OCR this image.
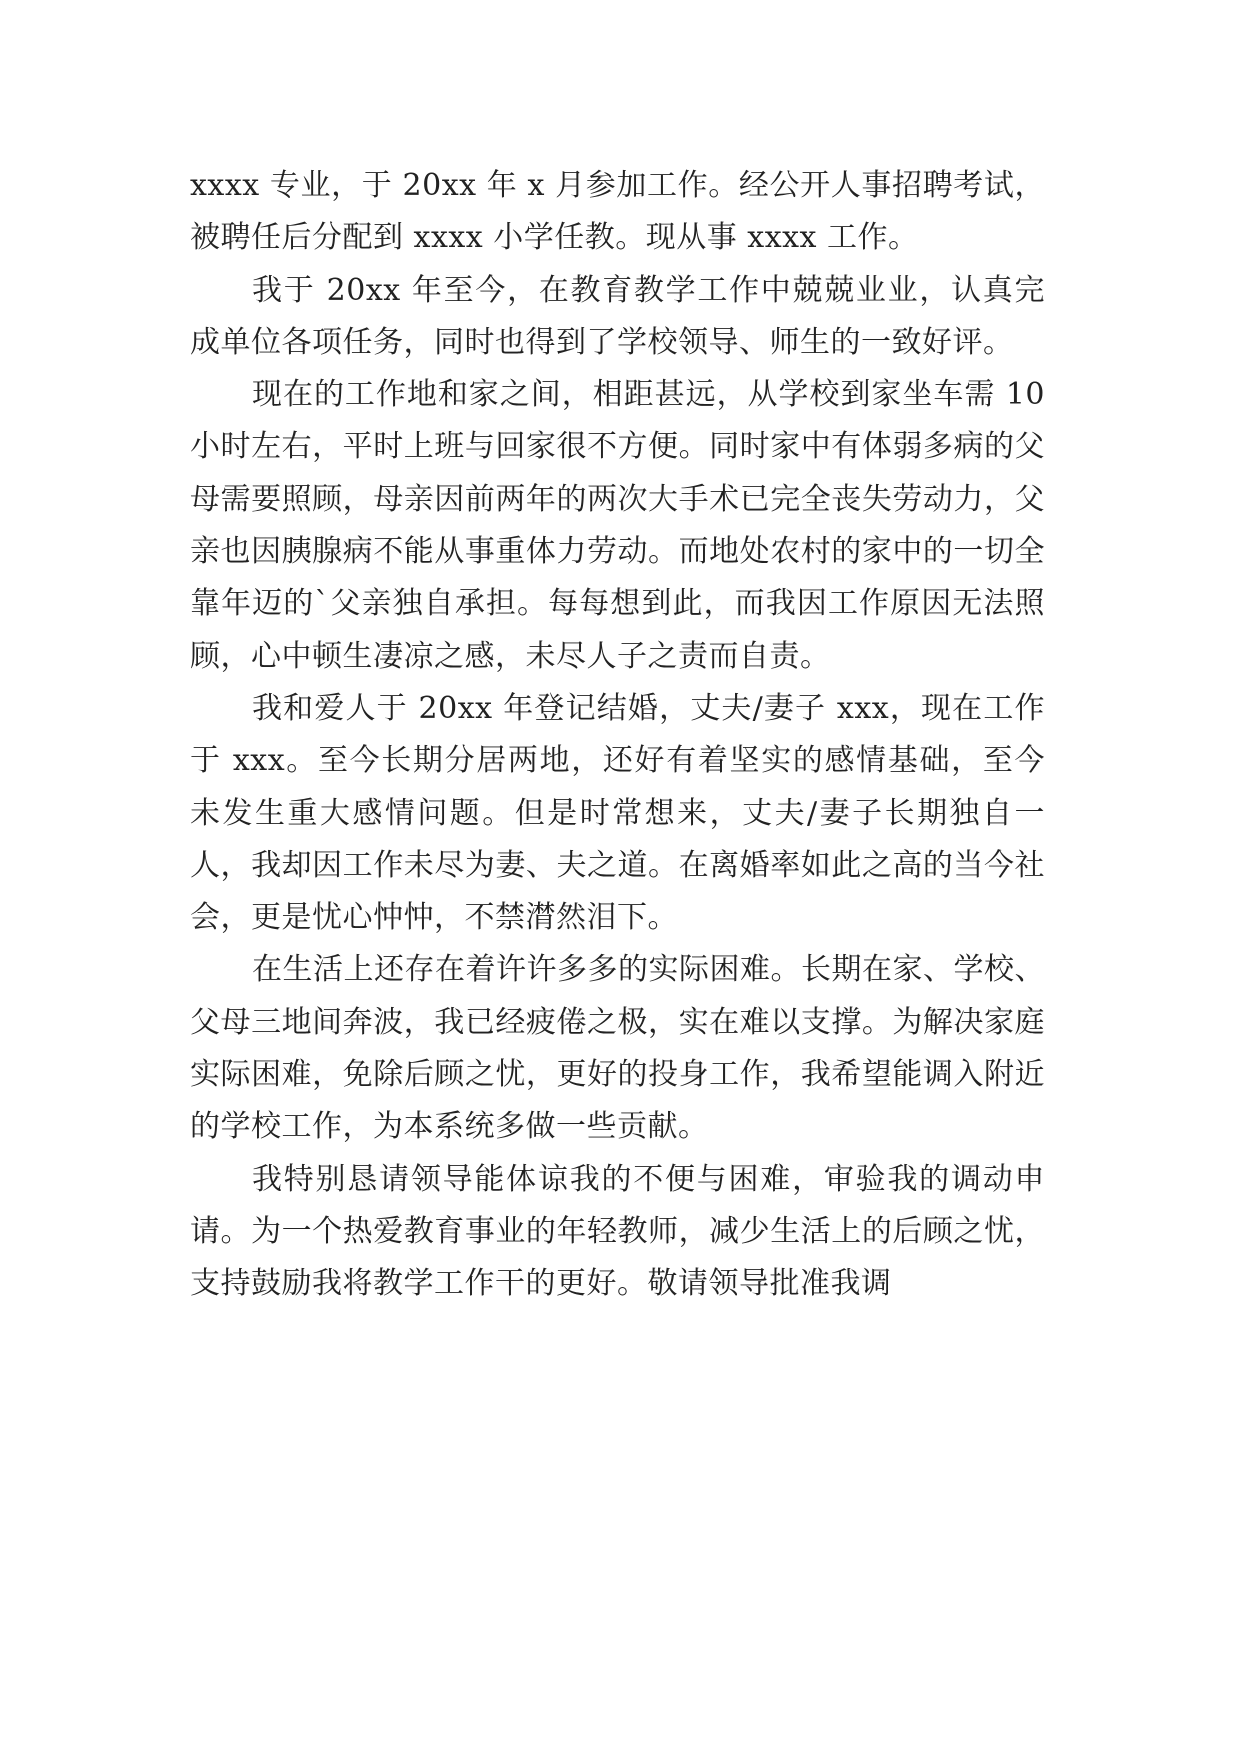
xxxx 专业，于 20xx 年 x 月参加工作。经公开人事招聘考试，被聘任后分配到 xxxx 小学任教。现从事 xxxx 工作。

我于 20xx 年至今，在教育教学工作中兢兢业业，认真完成单位各项任务，同时也得到了学校领导、师生的一致好评。

现在的工作地和家之间，相距甚远，从学校到家坐车需 10 小时左右，平时上班与回家很不方便。同时家中有体弱多病的父母需要照顾，母亲因前两年的两次大手术已完全丧失劳动力，父亲也因胰腺病不能从事重体力劳动。而地处农村的家中的一切全靠年迈的`父亲独自承担。每每想到此，而我因工作原因无法照顾，心中顿生凄凉之感，未尽人子之责而自责。

我和爱人于 20xx 年登记结婚，丈夫/妻子 xxx，现在工作于 xxx。至今长期分居两地，还好有着坚实的感情基础，至今未发生重大感情问题。但是时常想来，丈夫/妻子长期独自一人，我却因工作未尽为妻、夫之道。在离婚率如此之高的当今社会，更是忧心忡忡，不禁潸然泪下。

在生活上还存在着许许多多的实际困难。长期在家、学校、父母三地间奔波，我已经疲倦之极，实在难以支撑。为解决家庭实际困难，免除后顾之忧，更好的投身工作，我希望能调入附近的学校工作，为本系统多做一些贡献。

我特别恳请领导能体谅我的不便与困难，审验我的调动申请。为一个热爱教育事业的年轻教师，减少生活上的后顾之忧，支持鼓励我将教学工作干的更好。敬请领导批准我调
